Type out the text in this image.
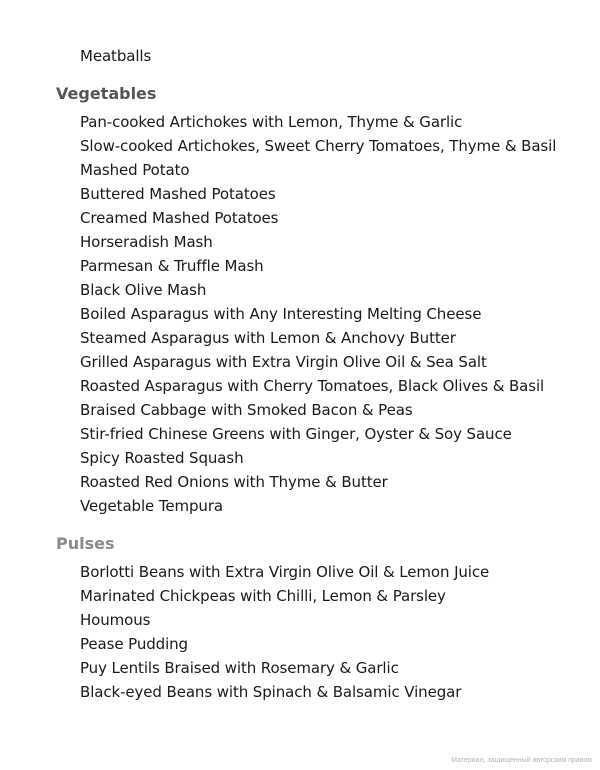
Meatballs
Vegetables
Pan-cooked Artichokes with Lemon, Thyme & Garlic
Slow-cooked Artichokes, Sweet Cherry Tomatoes, Thyme & Basil
Mashed Potato
Buttered Mashed Potatoes
Creamed Mashed Potatoes
Horseradish Mash
Parmesan & Truffle Mash
Black Olive Mash
Boiled Asparagus with Any Interesting Melting Cheese
Steamed Asparagus with Lemon & Anchovy Butter
Grilled Asparagus with Extra Virgin Olive Oil & Sea Salt
Roasted Asparagus with Cherry Tomatoes, Black Olives & Basil
Braised Cabbage with Smoked Bacon & Peas
Stir-fried Chinese Greens with Ginger, Oyster & Soy Sauce
Spicy Roasted Squash
Roasted Red Onions with Thyme & Butter
Vegetable Tempura
Pulses
Borlotti Beans with Extra Virgin Olive Oil & Lemon Juice
Marinated Chickpeas with Chilli, Lemon & Parsley
Houmous
Pease Pudding
Puy Lentils Braised with Rosemary & Garlic
Black-eyed Beans with Spinach & Balsamic Vinegar
Материал, защищенный авторским правом
